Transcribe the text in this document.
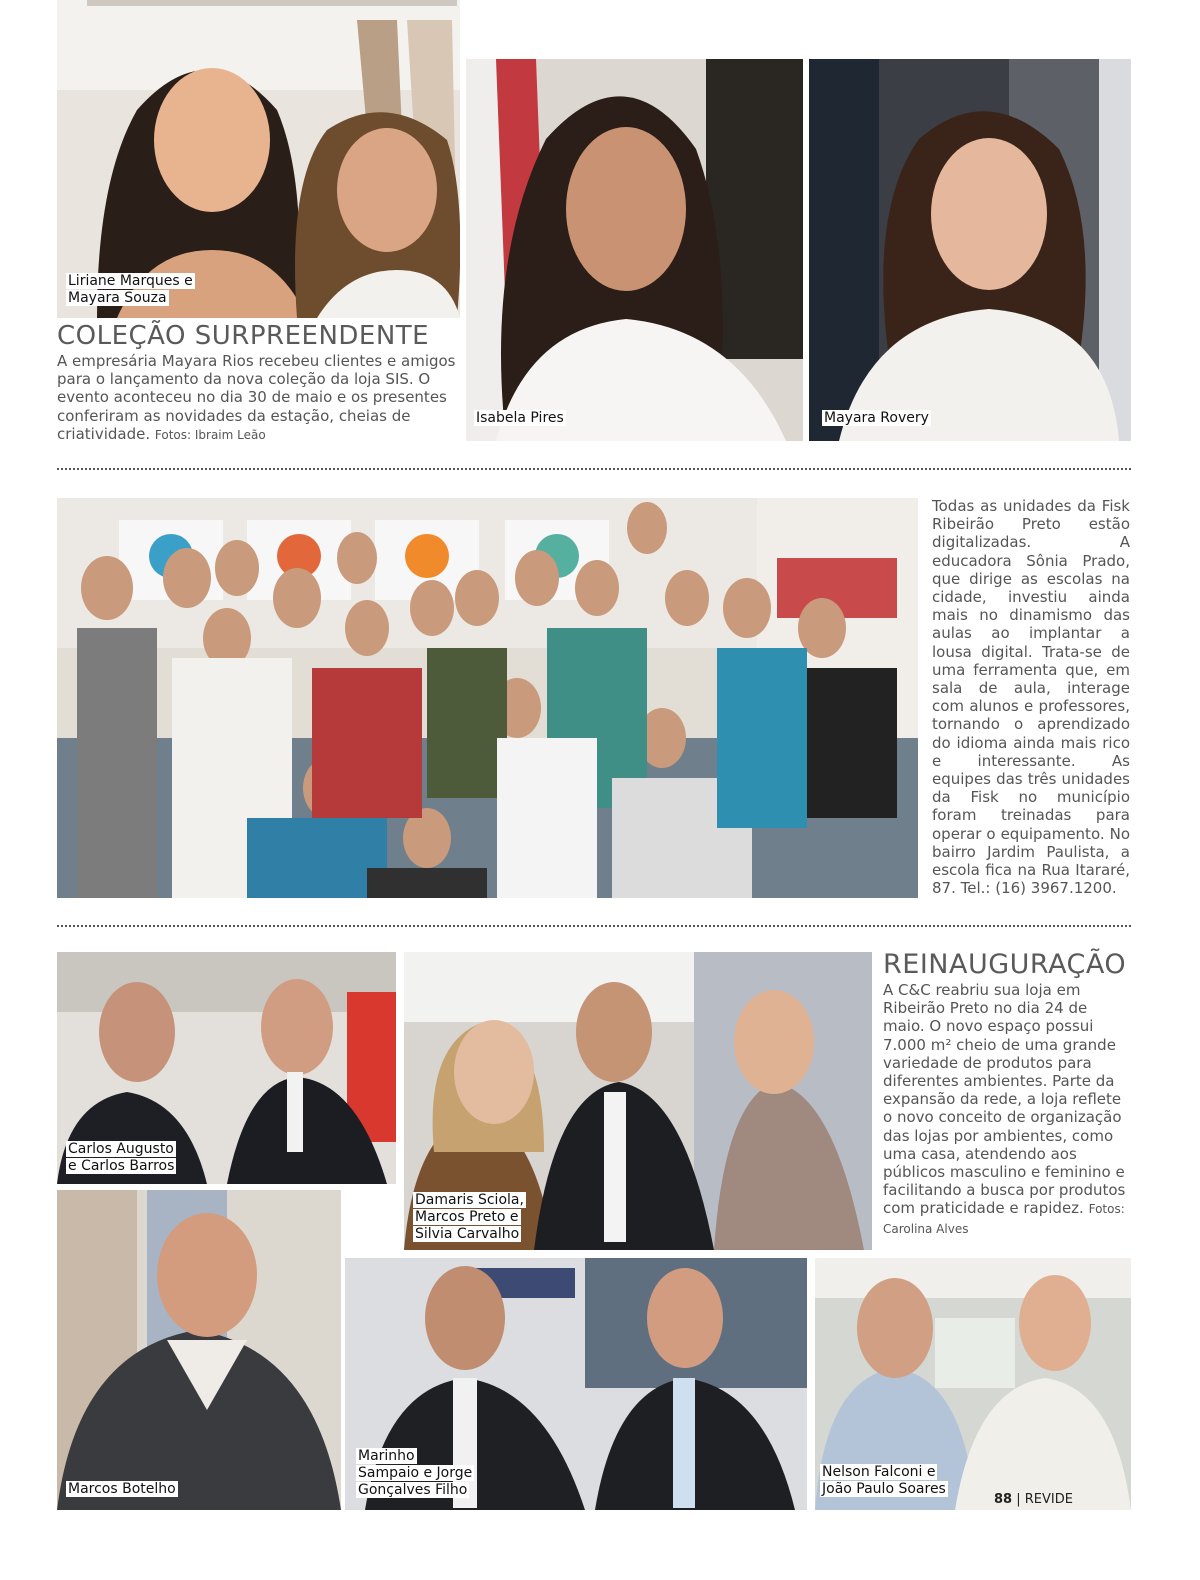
Liriane Marques e
Mayara Souza
COLEÇÃO SURPREENDENTE

A empresária Mayara Rios recebeu clientes e amigos para o lançamento da nova coleção da loja SIS. O evento aconteceu no dia 30 de maio e os presentes conferiram as novidades da estação, cheias de criatividade. Fotos: Ibraim Leão

Isabela Pires	Mayara Rovery

Todas as unidades da Fisk Ribeirão Preto estão digitalizadas. A educadora Sônia Prado, que dirige as escolas na cidade, investiu ainda mais no dinamismo das aulas ao implantar a lousa digital. Trata-se de uma ferramenta que, em sala de aula, interage com alunos e professores, tornando o aprendizado do idioma ainda mais rico e interessante. As equipes das três unidades da Fisk no município foram treinadas para operar o equipamento. No bairro Jardim Paulista, a escola fica na Rua Itararé, 87. Tel.: (16) 3967.1200.

Carlos Augusto
e Carlos Barros
Damaris Sciola,
Marcos Preto e
Silvia Carvalho
REINAUGURAÇÃO

A C&C reabriu sua loja em Ribeirão Preto no dia 24 de maio. O novo espaço possui 7.000 m² cheio de uma grande variedade de produtos para diferentes ambientes. Parte da expansão da rede, a loja reflete o novo conceito de organização das lojas por ambientes, como uma casa, atendendo aos públicos masculino e feminino e facilitando a busca por produtos com praticidade e rapidez. Fotos: Carolina Alves

Marcos Botelho
Marinho
Sampaio e Jorge
Gonçalves Filho
Nelson Falconi e
João Paulo Soares
88 | REVIDE
